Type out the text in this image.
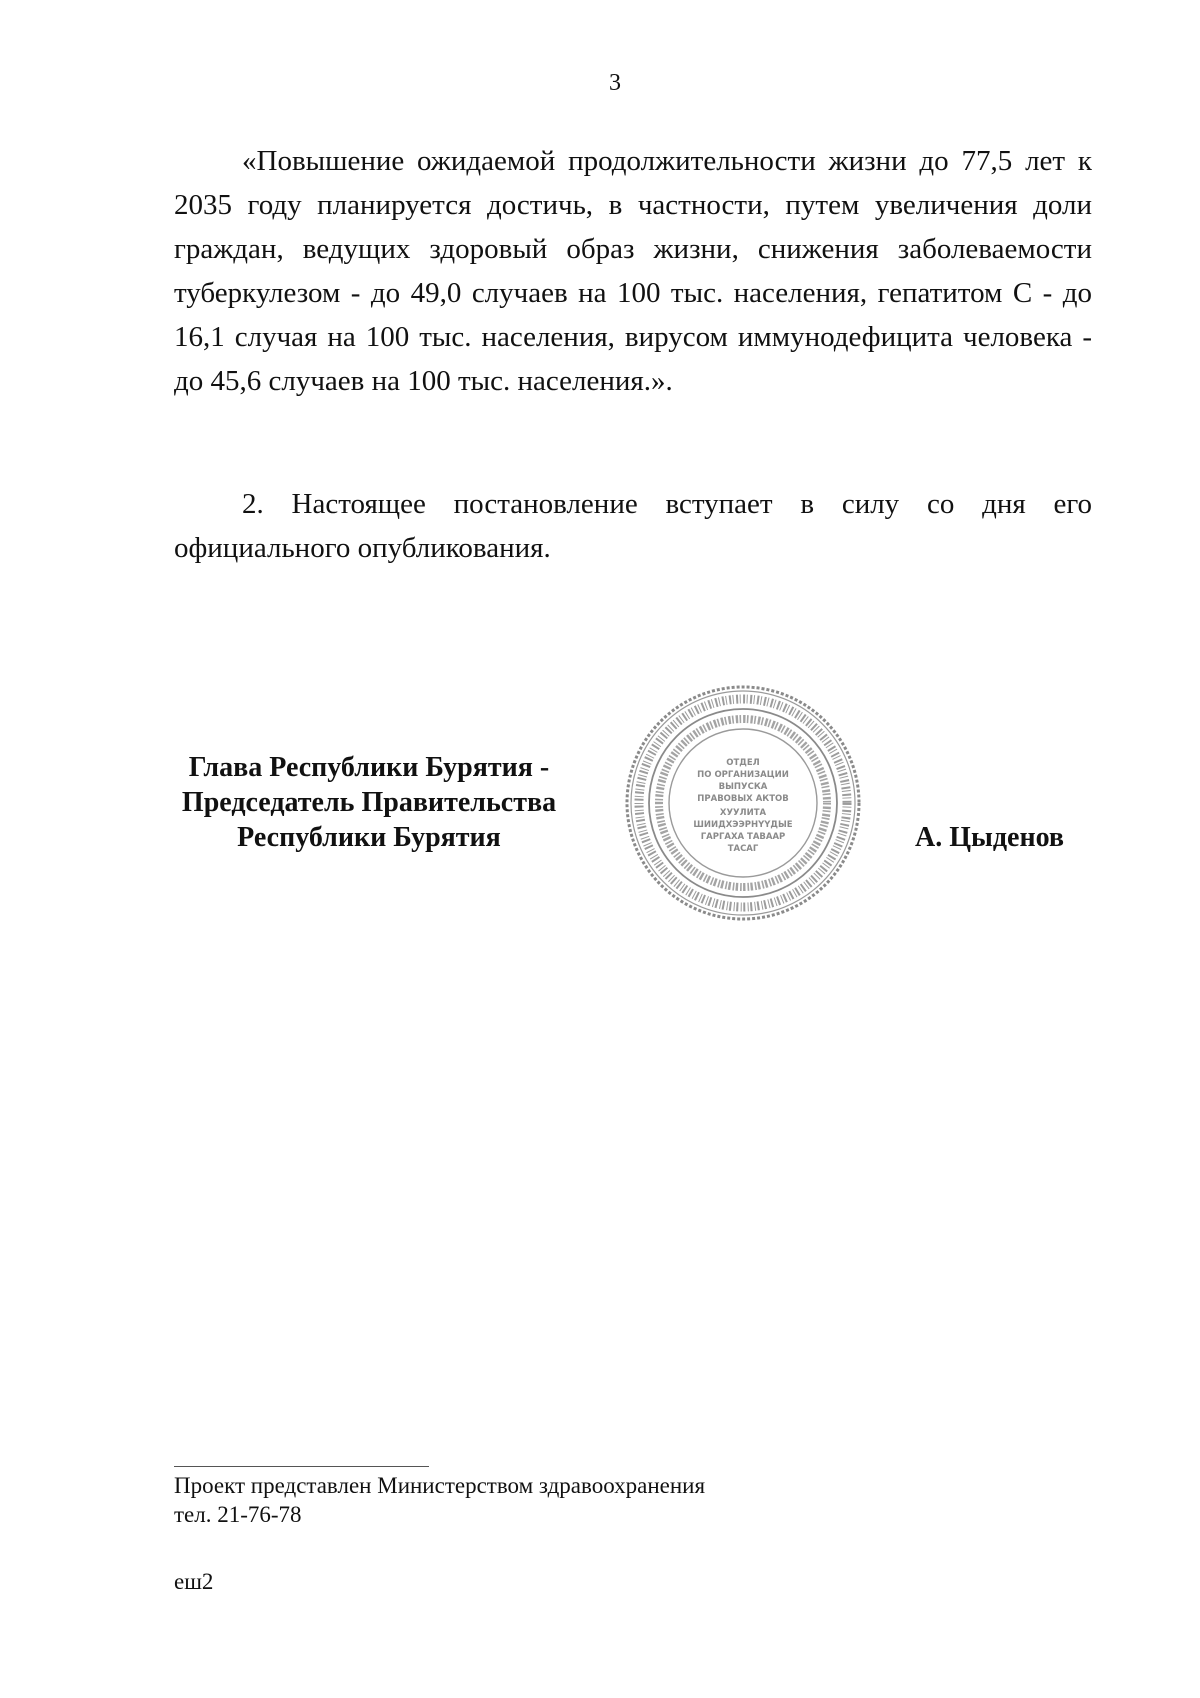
3

«Повышение ожидаемой продолжительности жизни до 77,5 лет к 2035 году планируется достичь, в частности, путем увеличения доли граждан, ведущих здоровый образ жизни, снижения заболеваемости туберкулезом - до 49,0 случаев на 100 тыс. населения, гепатитом С - до 16,1 случая на 100 тыс. населения, вирусом иммунодефицита человека - до 45,6 случаев на 100 тыс. населения.».

2. Настоящее постановление вступает в силу со дня его официального опубликования.

Глава Республики Бурятия -
Председатель Правительства
Республики Бурятия
ОТДЕЛ
ПО ОРГАНИЗАЦИИ
ВЫПУСКА
ПРАВОВЫХ АКТОВ
ХУУЛИТА
ШИИДХЭЭРНҮҮДЫЕ
ГАРГАХА ТАВААР
ТАСАГ	А. Цыденов
Проект представлен Министерством здравоохранения
тел. 21-76-78
еш2
